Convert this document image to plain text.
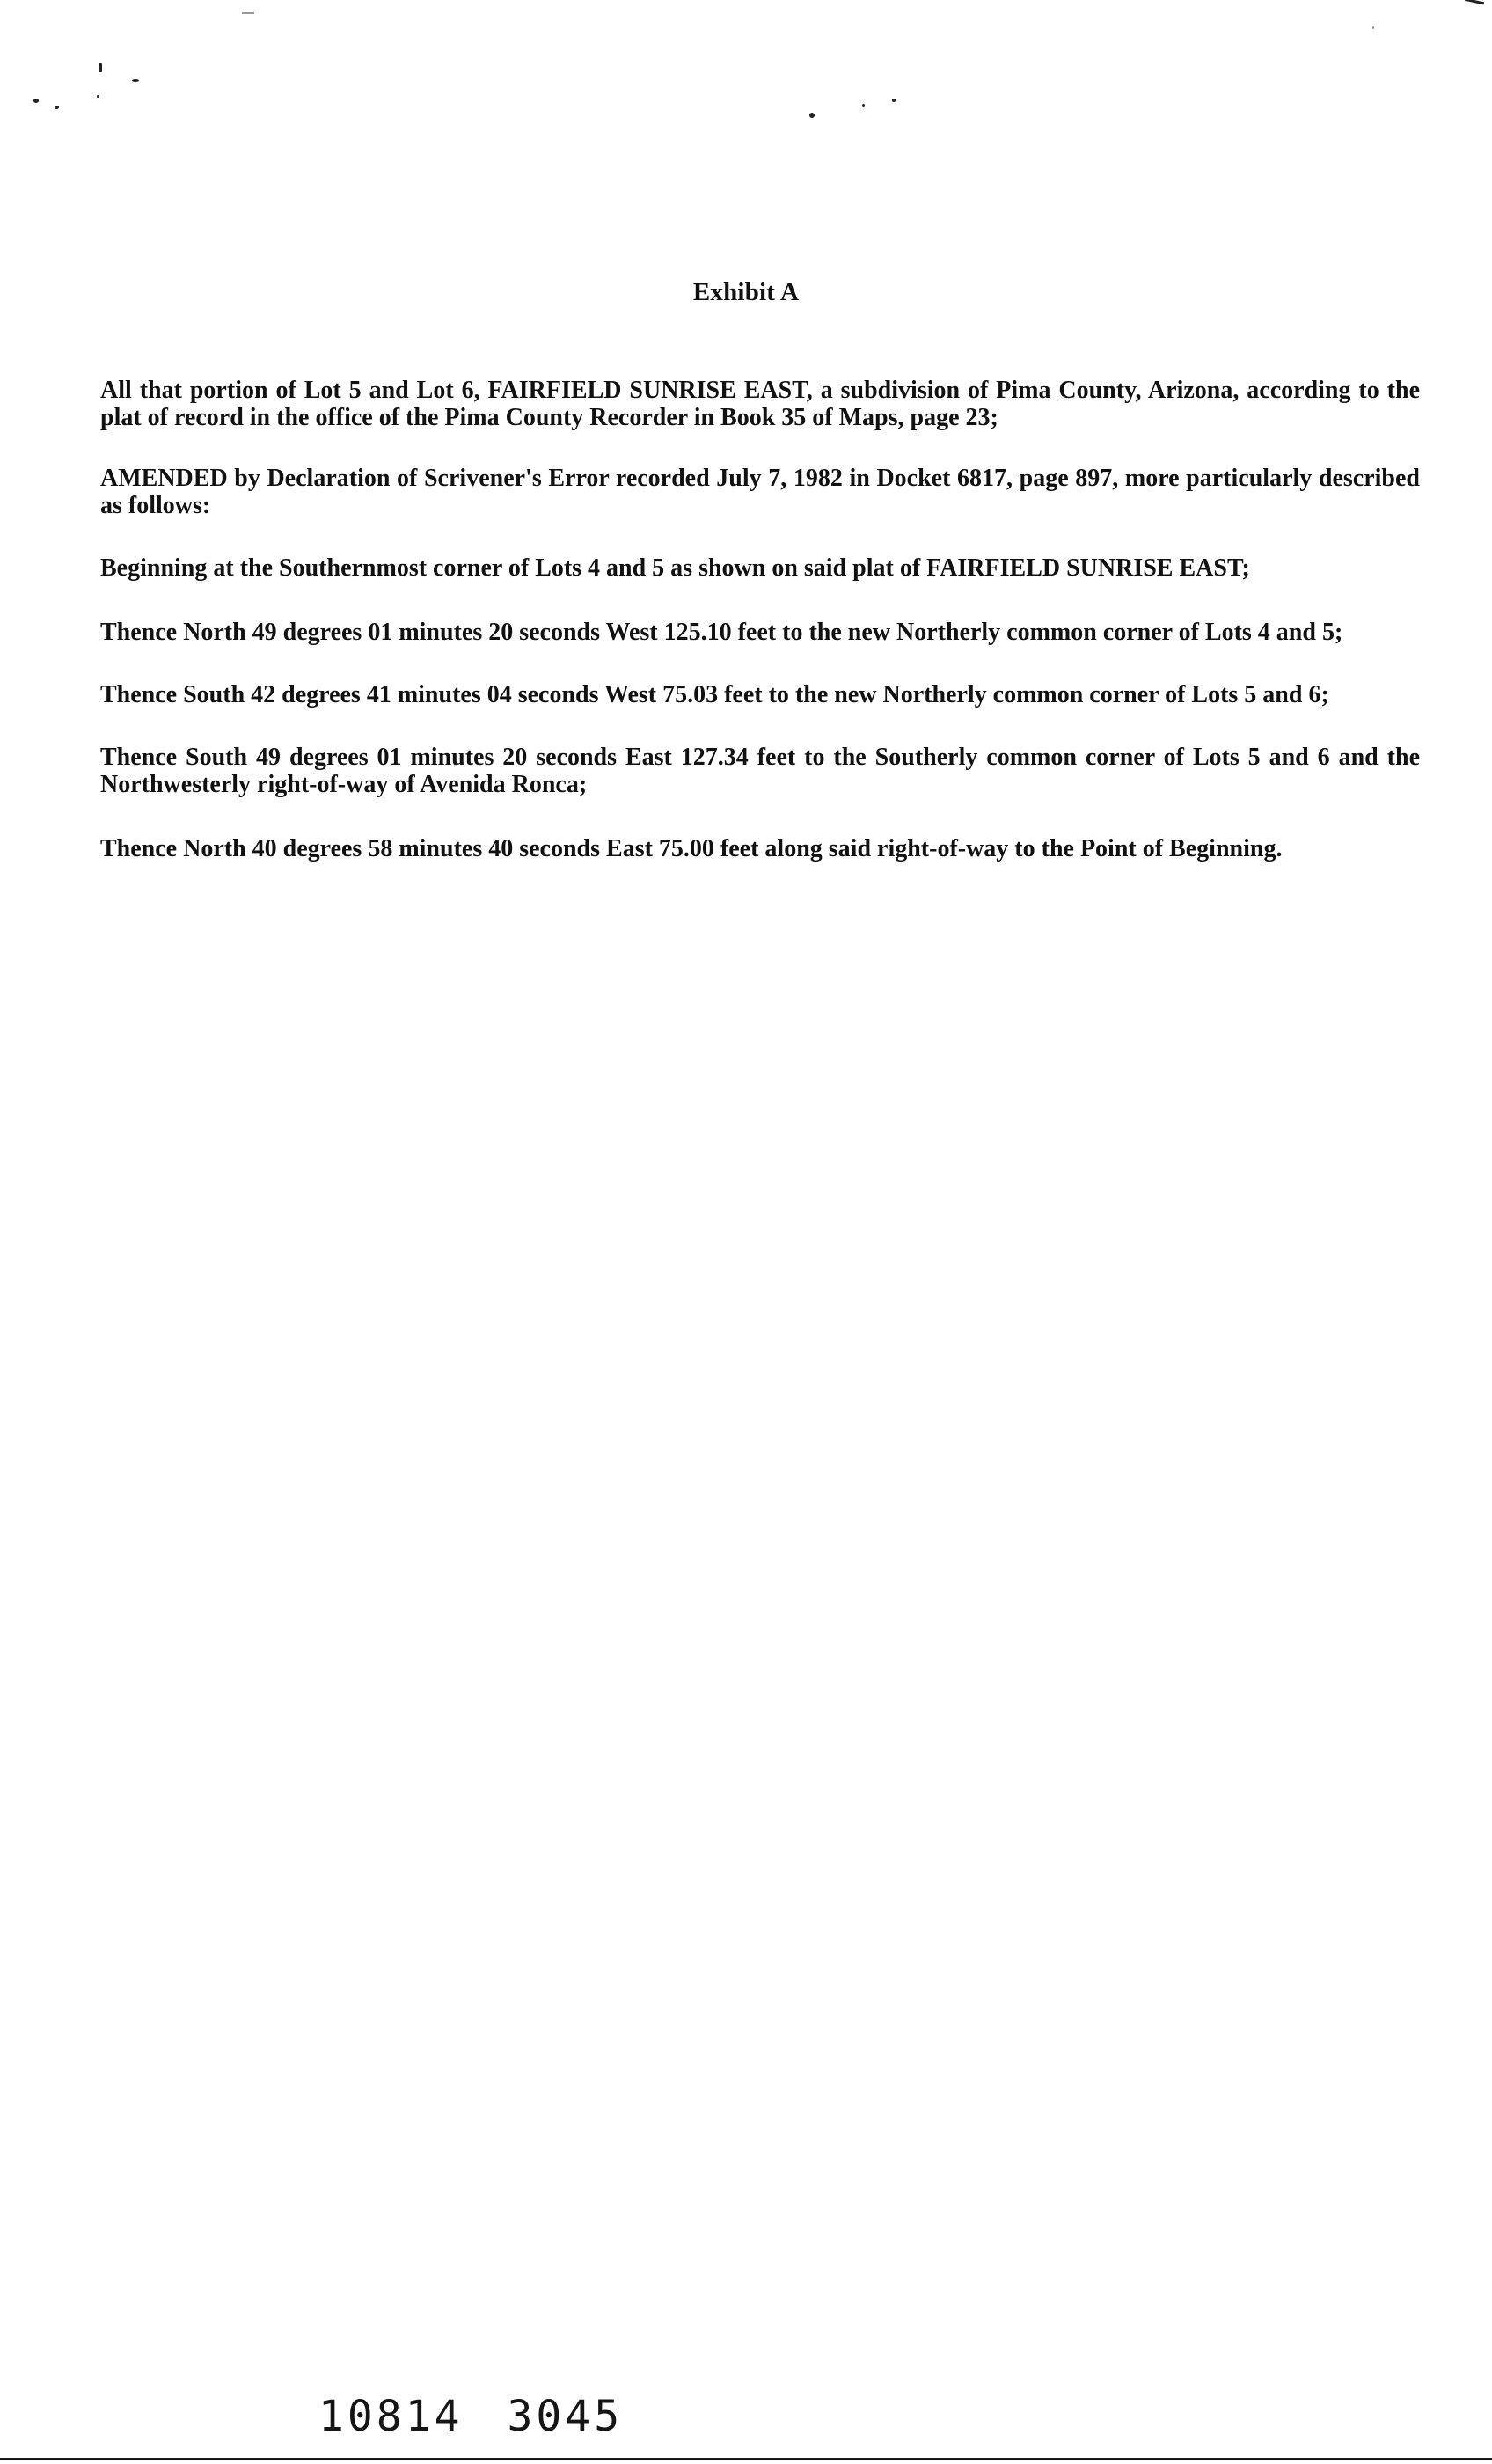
Exhibit A

All that portion of Lot 5 and Lot 6, FAIRFIELD SUNRISE EAST, a subdivision of Pima County, Arizona, according to the plat of record in the office of the Pima County Recorder in Book 35 of Maps, page 23;

AMENDED by Declaration of Scrivener's Error recorded July 7, 1982 in Docket 6817, page 897, more particularly described as follows:

Beginning at the Southernmost corner of Lots 4 and 5 as shown on said plat of FAIRFIELD SUNRISE EAST;

Thence North 49 degrees 01 minutes 20 seconds West 125.10 feet to the new Northerly common corner of Lots 4 and 5;

Thence South 42 degrees 41 minutes 04 seconds West 75.03 feet to the new Northerly common corner of Lots 5 and 6;

Thence South 49 degrees 01 minutes 20 seconds East 127.34 feet to the Southerly common corner of Lots 5 and 6 and the Northwesterly right-of-way of Avenida Ronca;

Thence North 40 degrees 58 minutes 40 seconds East 75.00 feet along said right-of-way to the Point of Beginning.

10814 3045
